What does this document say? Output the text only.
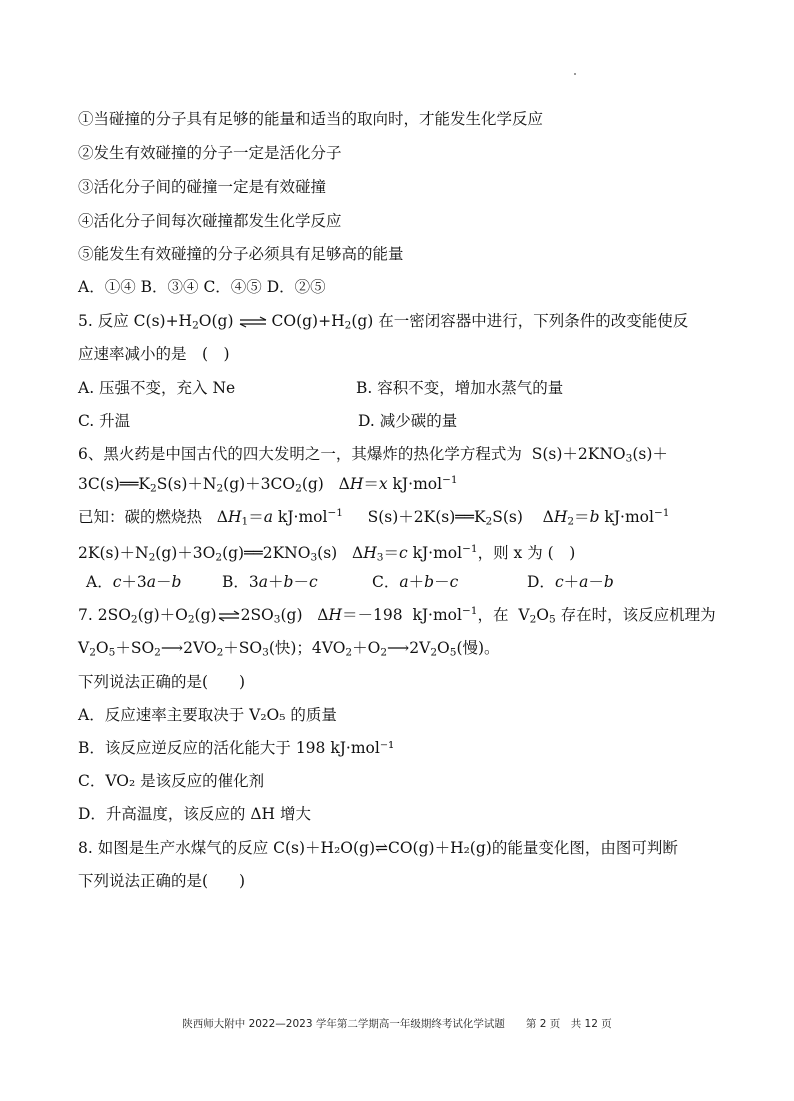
①当碰撞的分子具有足够的能量和适当的取向时，才能发生化学反应
②发生有效碰撞的分子一定是活化分子
③活化分子间的碰撞一定是有效碰撞
④活化分子间每次碰撞都发生化学反应
⑤能发生有效碰撞的分子必须具有足够高的能量
A．①④ B．③④ C．④⑤ D．②⑤
5. 反应 $C(s)+H_2O(g)$ ⇌ $CO(g)+H_2(g)$ 在一密闭容器中进行，下列条件的改变能使反
应速率减小的是　(　)
A. 压强不变，充入 Ne	B. 容积不变，增加水蒸气的量
C. 升温	D. 减少碳的量
6、黑火药是中国古代的四大发明之一，其爆炸的热化学方程式为  $S(s)+2KNO_3(s)+$
$3C(s)══K_2S(s)+N_2(g)+3CO_2(g)$   ΔH＝x kJ·mol$^{-1}$
已知：碳的燃烧热   $\Delta H_1=a$ kJ·mol$^{-1}$     $S(s)+2K(s)══K_2S(s)$    $\Delta H_2=b$ kJ·mol$^{-1}$
$2K(s)+N_2(g)+3O_2(g)══2KNO_3(s)$   $\Delta H_3=c$ kJ·mol$^{-1}$，则 x 为 (　)
A．c＋3a－b	B．3a＋b－c	C．a＋b－c	D．c＋a－b
7. $2SO_2(g)+O_2(g)\rightleftharpoons 2SO_3(g)$   ΔH＝－198  kJ·mol$^{-1}$，在  $V_2O_5$ 存在时，该反应机理为
$V_2O_5+SO_2⟶2VO_2+SO_3$(快)；$4VO_2+O_2⟶2V_2O_5$(慢)。
下列说法正确的是(　　)
A．反应速率主要取决于 V₂O₅ 的质量
B．该反应逆反应的活化能大于 198 kJ·mol⁻¹
C．VO₂ 是该反应的催化剂
D．升高温度，该反应的 ΔH 增大
8. 如图是生产水煤气的反应 C(s)＋H₂O(g)⇌CO(g)＋H₂(g)的能量变化图，由图可判断
下列说法正确的是(　　)
陕西师大附中 2022—2023 学年第二学期高一年级期终考试化学试题　　第 2 页　共 12 页
